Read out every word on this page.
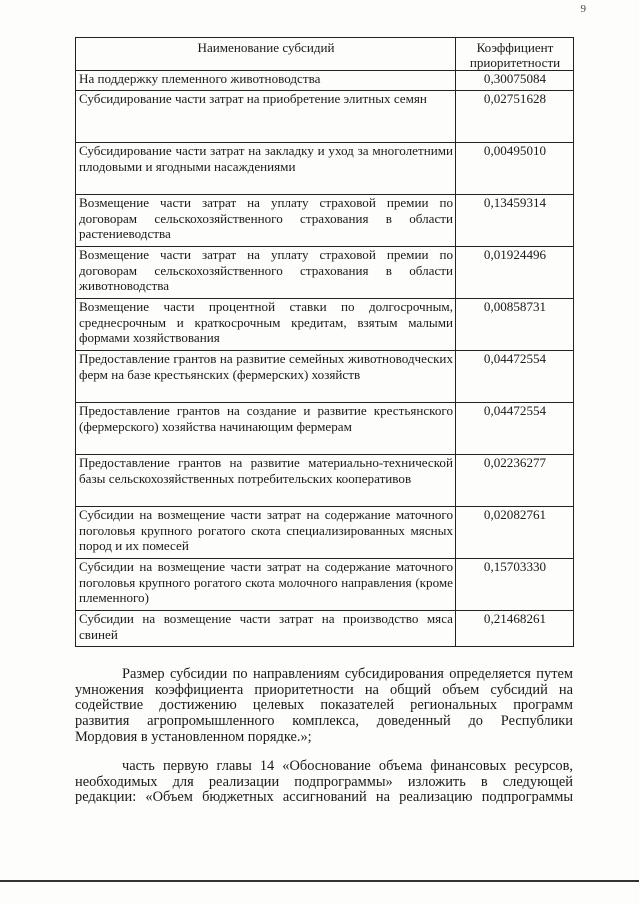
9
Наименование субсидий	Коэффициент приоритетности
На поддержку племенного животноводства	0,30075084
Субсидирование части затрат на приобретение элитных семян	0,02751628
Субсидирование части затрат на закладку и уход за многолетними плодовыми и ягодными насаждениями	0,00495010
Возмещение части затрат на уплату страховой премии по договорам сельскохозяйственного страхования в области растениеводства	0,13459314
Возмещение части затрат на уплату страховой премии по договорам сельскохозяйственного страхования в области животноводства	0,01924496
Возмещение части процентной ставки по долгосрочным, среднесрочным и краткосрочным кредитам, взятым малыми формами хозяйствования	0,00858731
Предоставление грантов на развитие семейных животноводческих ферм на базе крестьянских (фермерских) хозяйств	0,04472554
Предоставление грантов на создание и развитие крестьянского (фермерского) хозяйства начинающим фермерам	0,04472554
Предоставление грантов на развитие материально-технической базы сельскохозяйственных потребительских кооперативов	0,02236277
Субсидии на возмещение части затрат на содержание маточного поголовья крупного рогатого скота специализированных мясных пород и их помесей	0,02082761
Субсидии на возмещение части затрат на содержание маточного поголовья крупного рогатого скота молочного направления (кроме племенного)	0,15703330
Субсидии на возмещение части затрат на производство мяса свиней	0,21468261
Размер субсидии по направлениям субсидирования определяется путем
умножения коэффициента приоритетности на общий объем субсидий на
содействие достижению целевых показателей региональных программ
развития агропромышленного комплекса, доведенный до Республики
Мордовия в установленном порядке.»;
часть первую главы 14 «Обоснование объема финансовых ресурсов,
необходимых для реализации подпрограммы» изложить в следующей
редакции: «Объем бюджетных ассигнований на реализацию подпрограммы
